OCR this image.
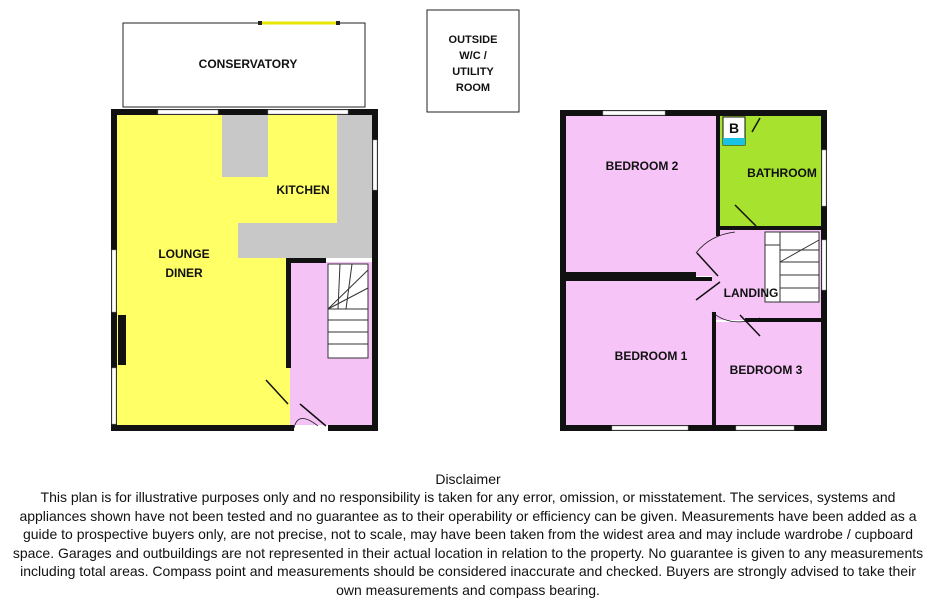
CONSERVATORY
OUTSIDE
W/C /
UTILITY
ROOM
KITCHEN
LOUNGE
DINER
B
BEDROOM 2	BATHROOM
LANDING
BEDROOM 1
BEDROOM 3

Disclaimer

This plan is for illustrative purposes only and no responsibility is taken for any error, omission, or misstatement. The services, systems and appliances shown have not been tested and no guarantee as to their operability or efficiency can be given. Measurements have been added as a guide to prospective buyers only, are not precise, not to scale, may have been taken from the widest area and may include wardrobe / cupboard space. Garages and outbuildings are not represented in their actual location in relation to the property. No guarantee is given to any measurements including total areas. Compass point and measurements should be considered inaccurate and checked. Buyers are strongly advised to take their own measurements and compass bearing.
